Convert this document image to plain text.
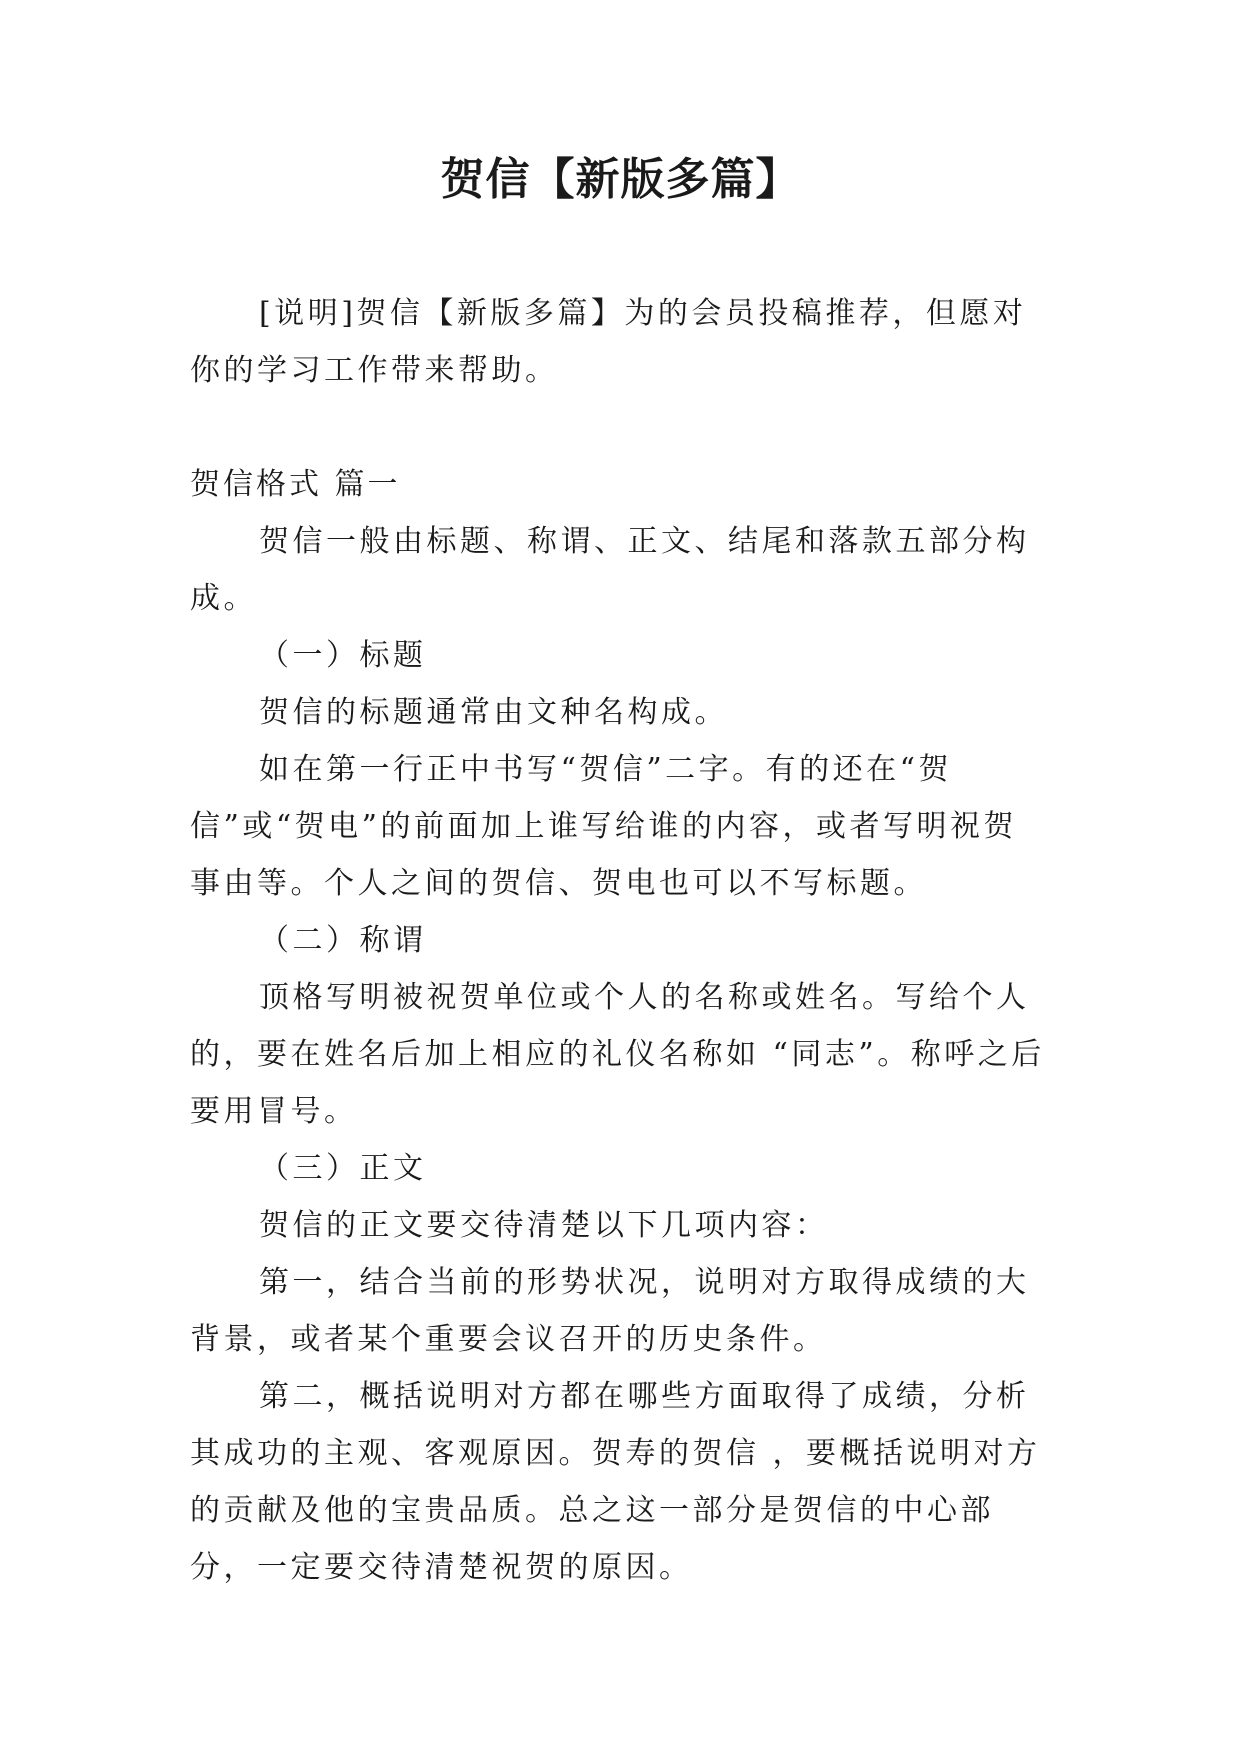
贺信【新版多篇】

[说明]贺信【新版多篇】为的会员投稿推荐，但愿对你的学习工作带来帮助。

贺信格式 篇一

贺信一般由标题、称谓、正文、结尾和落款五部分构成。

（一）标题

贺信的标题通常由文种名构成。

如在第一行正中书写“贺信”二字。有的还在“贺信”或“贺电”的前面加上谁写给谁的内容，或者写明祝贺事由等。个人之间的贺信、贺电也可以不写标题。

（二）称谓

顶格写明被祝贺单位或个人的名称或姓名。写给个人的，要在姓名后加上相应的礼仪名称如 “同志”。称呼之后要用冒号。

（三）正文

贺信的正文要交待清楚以下几项内容：

第一，结合当前的形势状况，说明对方取得成绩的大背景，或者某个重要会议召开的历史条件。

第二，概括说明对方都在哪些方面取得了成绩，分析其成功的主观、客观原因。贺寿的贺信 ，要概括说明对方的贡献及他的宝贵品质。总之这一部分是贺信的中心部分，一定要交待清楚祝贺的原因。
